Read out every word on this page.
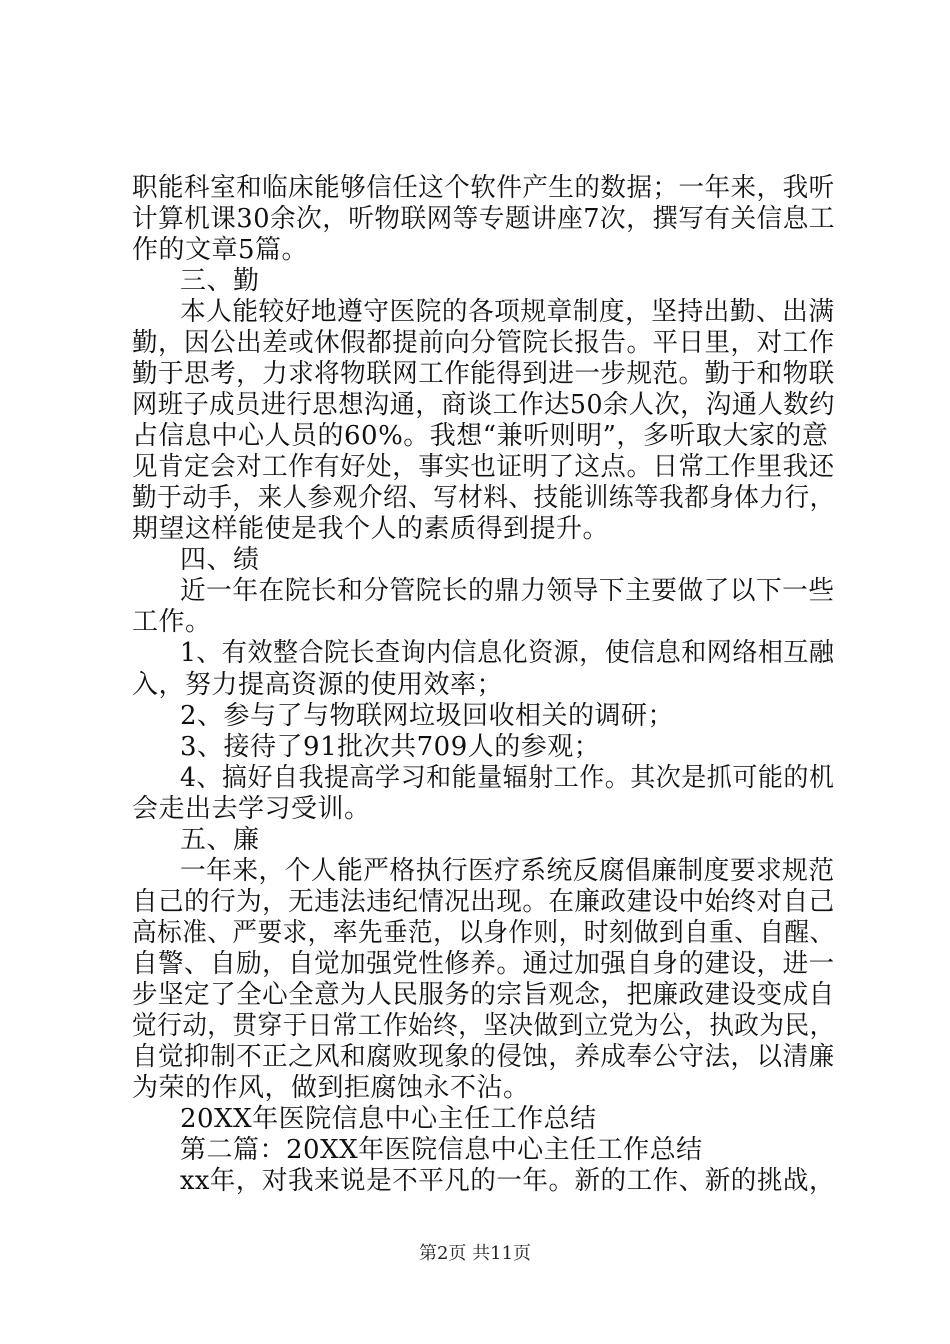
职能科室和临床能够信任这个软件产生的数据；一年来，我听
计算机课30余次，听物联网等专题讲座7次，撰写有关信息工
作的文章5篇。
三、勤
本人能较好地遵守医院的各项规章制度，坚持出勤、出满
勤，因公出差或休假都提前向分管院长报告。平日里，对工作
勤于思考，力求将物联网工作能得到进一步规范。勤于和物联
网班子成员进行思想沟通，商谈工作达50余人次，沟通人数约
占信息中心人员的60%。我想“兼听则明”，多听取大家的意
见肯定会对工作有好处，事实也证明了这点。日常工作里我还
勤于动手，来人参观介绍、写材料、技能训练等我都身体力行，
期望这样能使是我个人的素质得到提升。
四、绩
近一年在院长和分管院长的鼎力领导下主要做了以下一些
工作。
1、有效整合院长查询内信息化资源，使信息和网络相互融
入，努力提高资源的使用效率；
2、参与了与物联网垃圾回收相关的调研；
3、接待了91批次共709人的参观；
4、搞好自我提高学习和能量辐射工作。其次是抓可能的机
会走出去学习受训。
五、廉
一年来，个人能严格执行医疗系统反腐倡廉制度要求规范
自己的行为，无违法违纪情况出现。在廉政建设中始终对自己
高标准、严要求，率先垂范，以身作则，时刻做到自重、自醒、
自警、自励，自觉加强党性修养。通过加强自身的建设，进一
步坚定了全心全意为人民服务的宗旨观念，把廉政建设变成自
觉行动，贯穿于日常工作始终，坚决做到立党为公，执政为民，
自觉抑制不正之风和腐败现象的侵蚀，养成奉公守法，以清廉
为荣的作风，做到拒腐蚀永不沾。
20XX年医院信息中心主任工作总结
第二篇：20XX年医院信息中心主任工作总结
xx年，对我来说是不平凡的一年。新的工作、新的挑战，
第2页 共11页
